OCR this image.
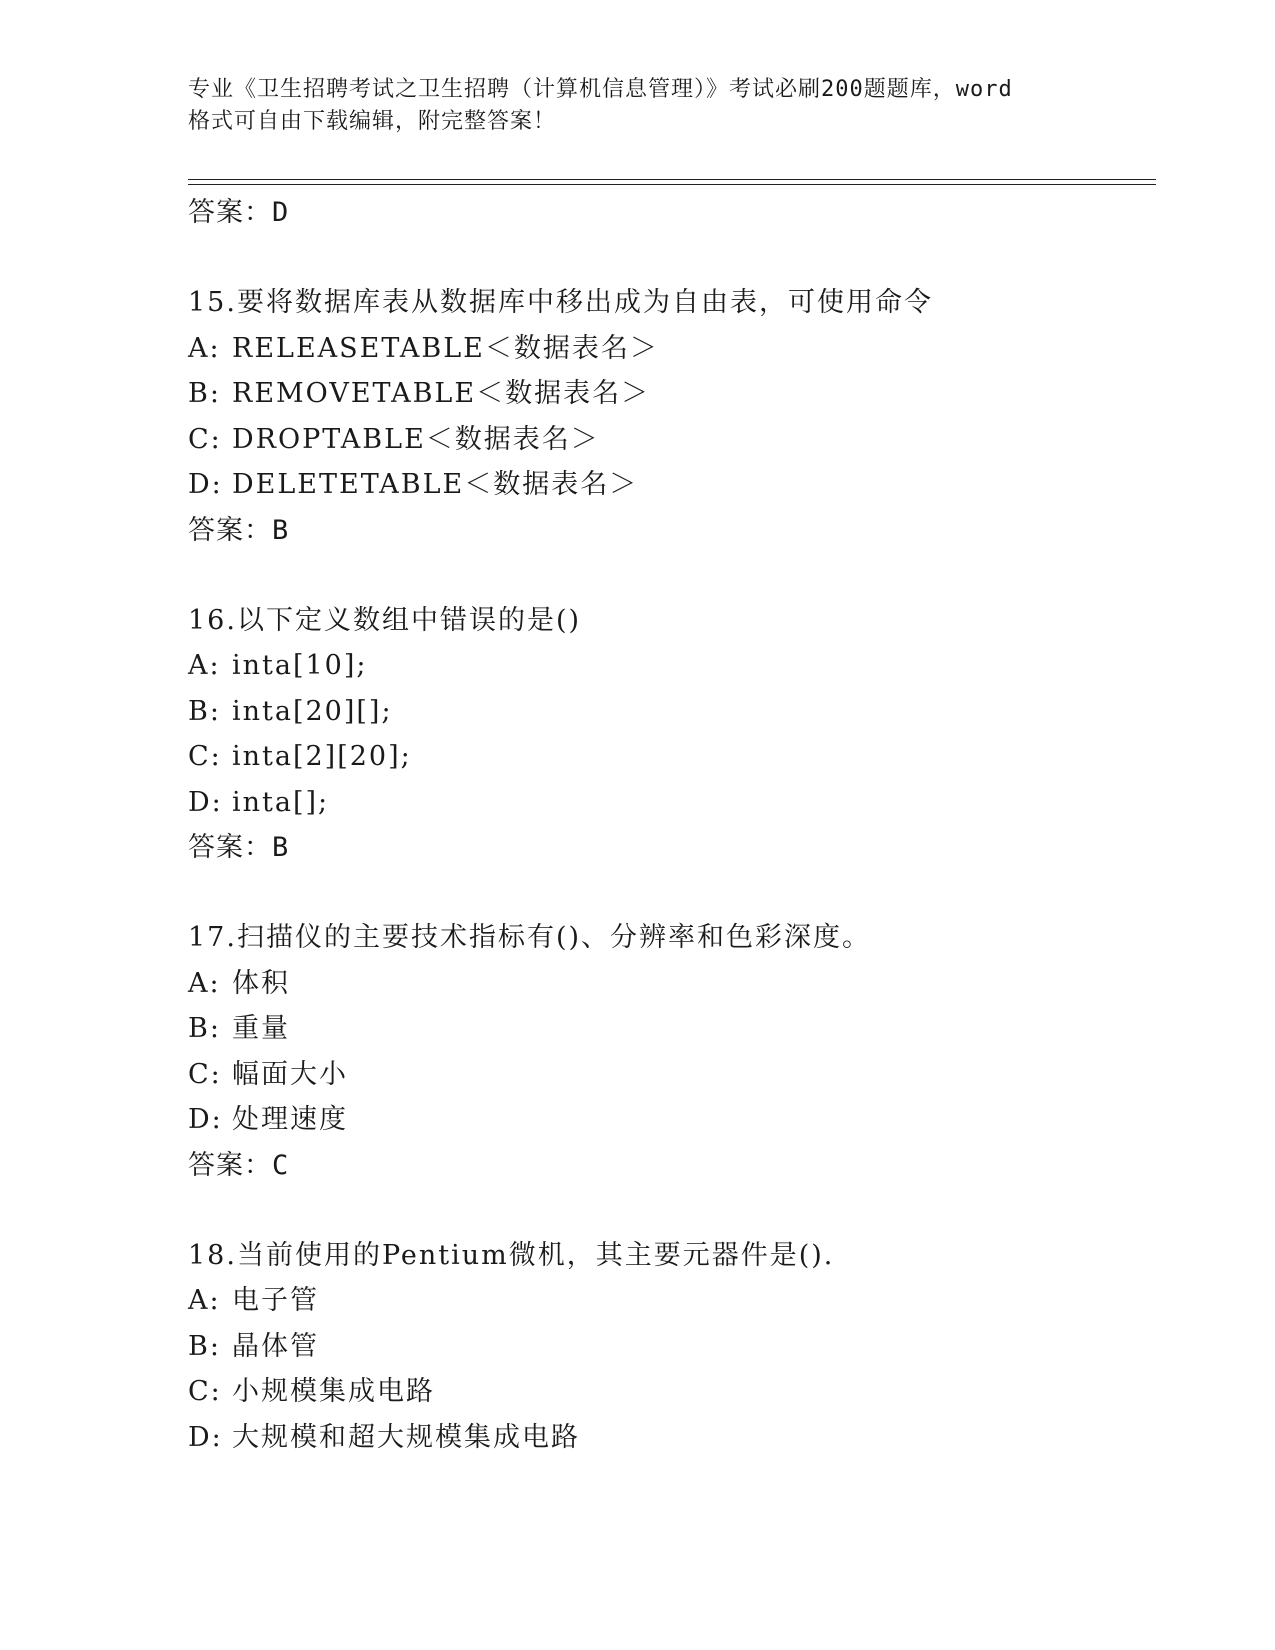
专业《卫生招聘考试之卫生招聘（计算机信息管理）》考试必刷200题题库，word
格式可自由下载编辑，附完整答案！
答案：D
15.要将数据库表从数据库中移出成为自由表，可使用命令
A: RELEASETABLE＜数据表名＞
B: REMOVETABLE＜数据表名＞
C: DROPTABLE＜数据表名＞
D: DELETETABLE＜数据表名＞
答案：B
16.以下定义数组中错误的是()
A: inta[10];
B: inta[20][];
C: inta[2][20];
D: inta[];
答案：B
17.扫描仪的主要技术指标有()、分辨率和色彩深度。
A: 体积
B: 重量
C: 幅面大小
D: 处理速度
答案：C
18.当前使用的Pentium微机，其主要元器件是().
A: 电子管
B: 晶体管
C: 小规模集成电路
D: 大规模和超大规模集成电路
